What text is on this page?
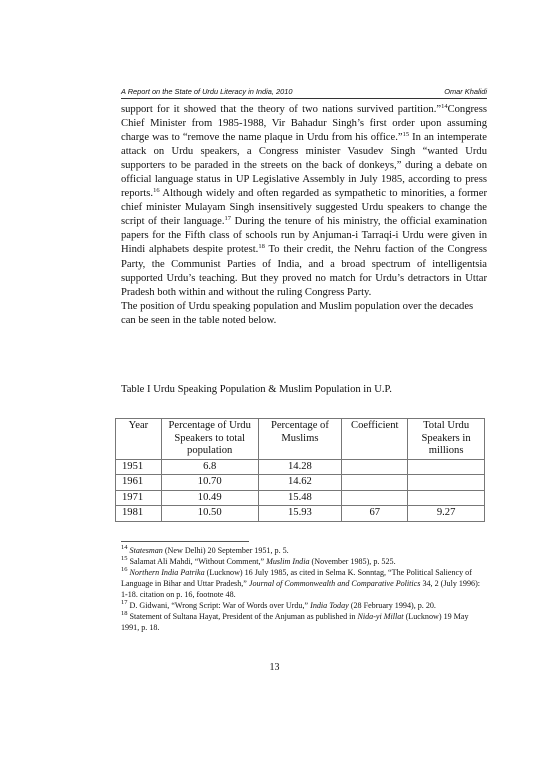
A Report on the State of Urdu Literacy in India, 2010	Omar Khalidi

support for it showed that the theory of two nations survived partition.”$^{14}$Congress Chief Minister from 1985-1988, Vir Bahadur Singh’s first order upon assuming charge was to “remove the name plaque in Urdu from his office.”$^{15}$ In an intemperate attack on Urdu speakers, a Congress minister Vasudev Singh “wanted Urdu supporters to be paraded in the streets on the back of donkeys,” during a debate on official language status in UP Legislative Assembly in July 1985, according to press reports.$^{16}$ Although widely and often regarded as sympathetic to minorities, a former chief minister Mulayam Singh insensitively suggested Urdu speakers to change the script of their language.$^{17}$ During the tenure of his ministry, the official examination papers for the Fifth class of schools run by Anjuman-i Tarraqi-i Urdu were given in Hindi alphabets despite protest.$^{18}$ To their credit, the Nehru faction of the Congress Party, the Communist Parties of India, and a broad spectrum of intelligentsia supported Urdu’s teaching. But they proved no match for Urdu’s detractors in Uttar Pradesh both within and without the ruling Congress Party.

The position of Urdu speaking population and Muslim population over the decades can be seen in the table noted below.

Table I Urdu Speaking Population & Muslim Population in U.P.
Year	Percentage of Urdu Speakers to total population	Percentage of Muslims	Coefficient	Total Urdu Speakers in millions
1951	6.8	14.28		
1961	10.70	14.62		
1971	10.49	15.48		
1981	10.50	15.93	67	9.27

$^{14}$ Statesman (New Delhi) 20 September 1951, p. 5.

$^{15}$ Salamat Ali Mahdi, “Without Comment,” Muslim India (November 1985), p. 525.

$^{16}$ Northern India Patrika (Lucknow) 16 July 1985, as cited in Selma K. Sonntag, “The Political Saliency of Language in Bihar and Uttar Pradesh,” Journal of Commonwealth and Comparative Politics 34, 2 (July 1996): 1-18. citation on p. 16, footnote 48.

$^{17}$ D. Gidwani, “Wrong Script: War of Words over Urdu,” India Today (28 February 1994), p. 20.

$^{18}$ Statement of Sultana Hayat, President of the Anjuman as published in Nida-yi Millat (Lucknow) 19 May 1991, p. 18.

13
